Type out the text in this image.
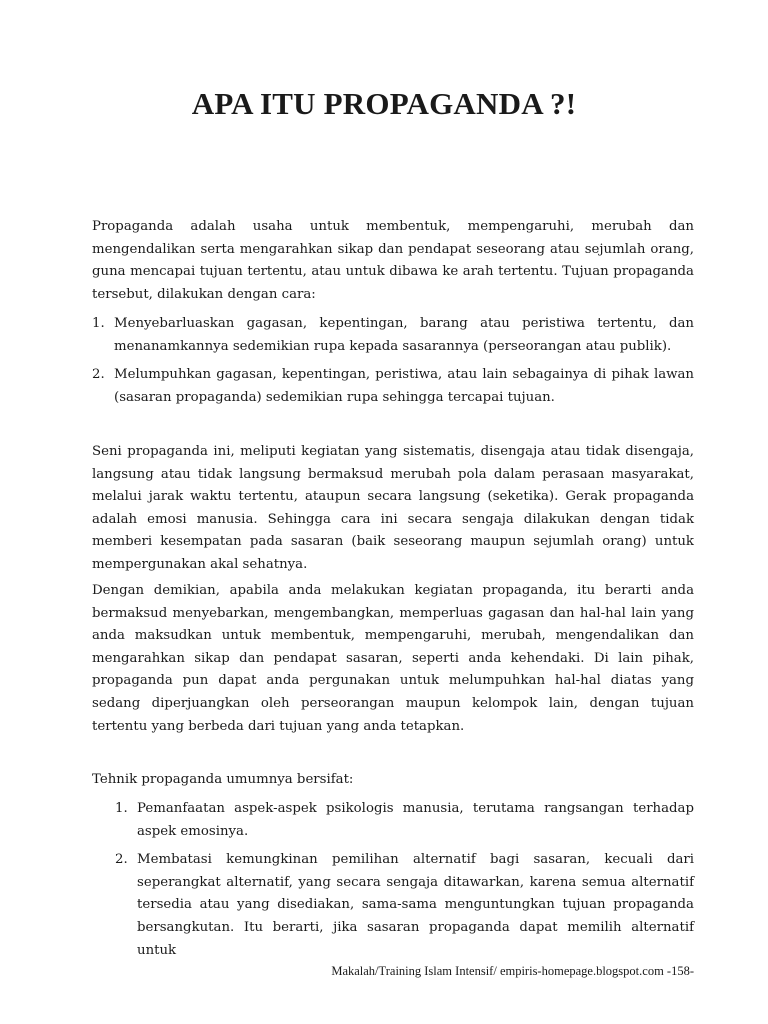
APA ITU PROPAGANDA ?!

Propaganda adalah usaha untuk membentuk, mempengaruhi, merubah dan mengendalikan serta mengarahkan sikap dan pendapat seseorang atau sejumlah orang, guna mencapai tujuan tertentu, atau untuk dibawa ke arah tertentu. Tujuan propaganda tersebut, dilakukan dengan cara:

1. Menyebarluaskan gagasan, kepentingan, barang atau peristiwa tertentu, dan menanamkannya sedemikian rupa kepada sasarannya (perseorangan atau publik).
2. Melumpuhkan gagasan, kepentingan, peristiwa, atau lain sebagainya di pihak lawan (sasaran propaganda) sedemikian rupa sehingga tercapai tujuan.

Seni propaganda ini, meliputi kegiatan yang sistematis, disengaja atau tidak disengaja, langsung atau tidak langsung bermaksud merubah pola dalam perasaan masyarakat, melalui jarak waktu tertentu, ataupun secara langsung (seketika). Gerak propaganda adalah emosi manusia. Sehingga cara ini secara sengaja dilakukan dengan tidak memberi kesempatan pada sasaran (baik seseorang maupun sejumlah orang) untuk mempergunakan akal sehatnya.

Dengan demikian, apabila anda melakukan kegiatan propaganda, itu berarti anda bermaksud menyebarkan, mengembangkan, memperluas gagasan dan hal-hal lain yang anda maksudkan untuk membentuk, mempengaruhi, merubah, mengendalikan dan mengarahkan sikap dan pendapat sasaran, seperti anda kehendaki. Di lain pihak, propaganda pun dapat anda pergunakan untuk melumpuhkan hal-hal diatas yang sedang diperjuangkan oleh perseorangan maupun kelompok lain, dengan tujuan tertentu yang berbeda dari tujuan yang anda tetapkan.

Tehnik propaganda umumnya bersifat:

1. Pemanfaatan aspek-aspek psikologis manusia, terutama rangsangan terhadap aspek emosinya.
2. Membatasi kemungkinan pemilihan alternatif bagi sasaran, kecuali dari seperangkat alternatif, yang secara sengaja ditawarkan, karena semua alternatif tersedia atau yang disediakan, sama-sama menguntungkan tujuan propaganda bersangkutan. Itu berarti, jika sasaran propaganda dapat memilih alternatif untuk
Makalah/Training Islam Intensif/ empiris-homepage.blogspot.com -158-
